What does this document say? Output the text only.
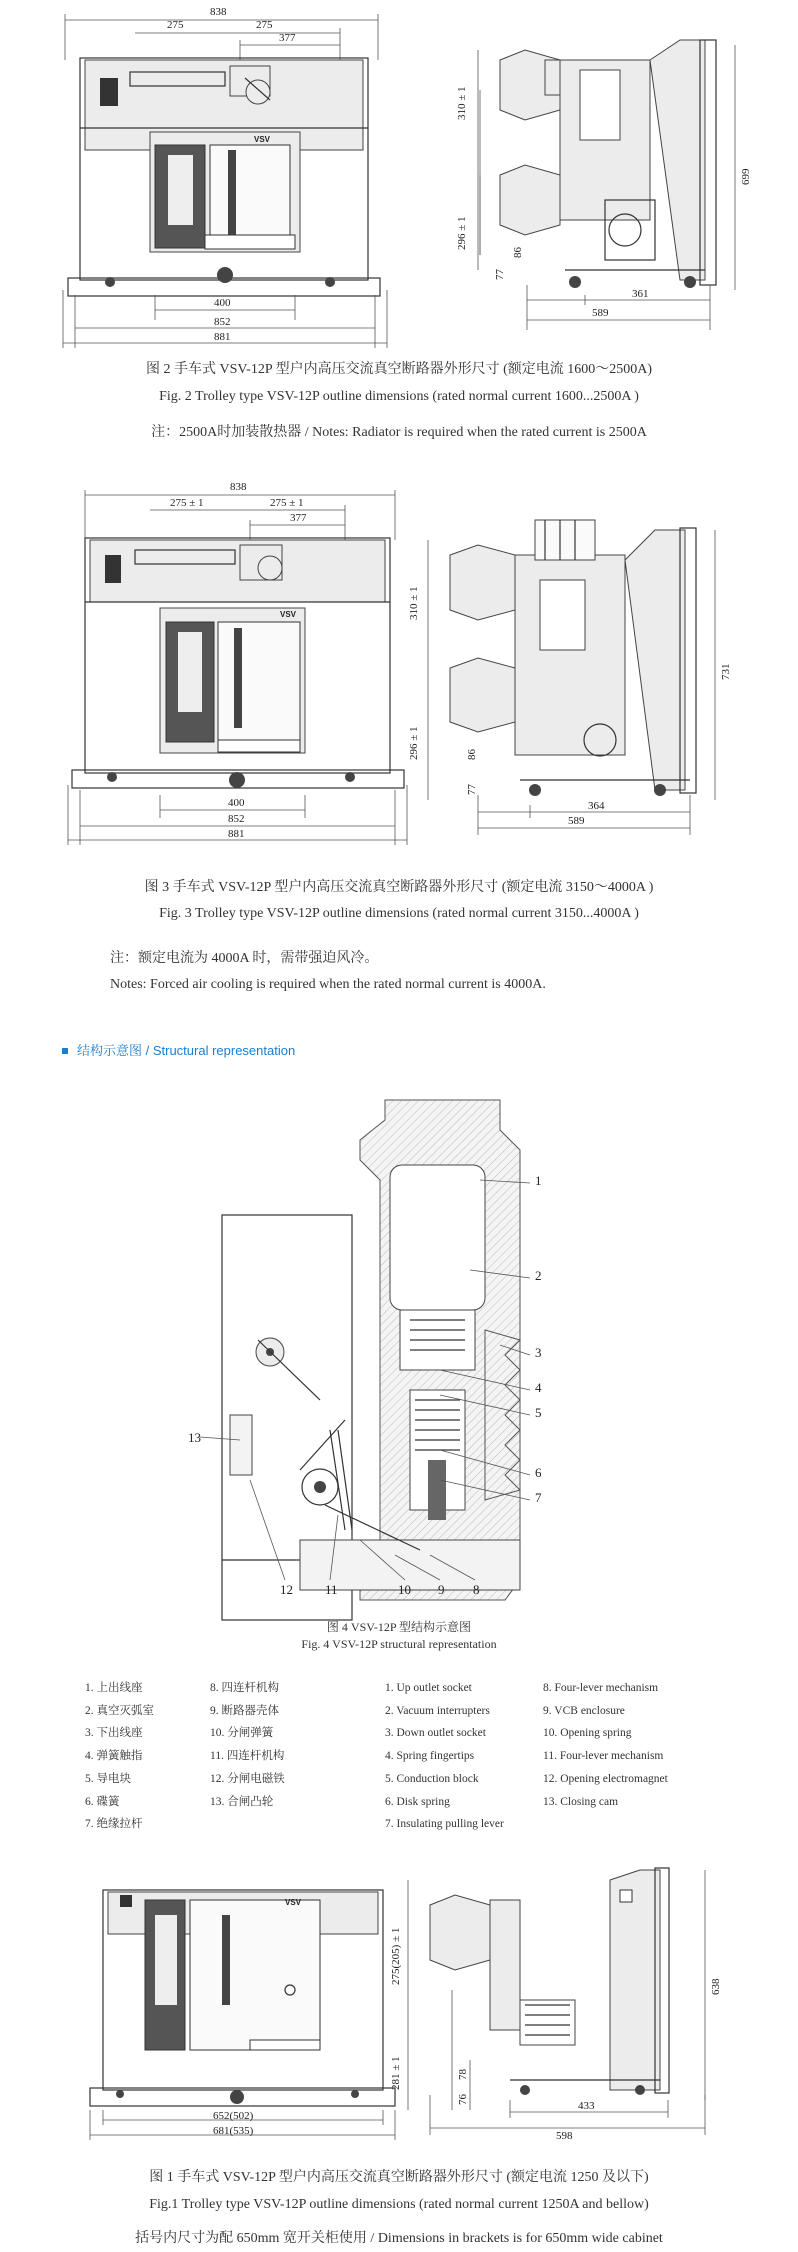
838
275	275
377
VSV
400
852
881
310 ± 1
296 ± 1
86
77
699
589
361
图 2 手车式 VSV-12P 型户内高压交流真空断路器外形尺寸 (额定电流 1600～2500A)
Fig. 2 Trolley type VSV-12P outline dimensions (rated normal current 1600...2500A )
注：2500A时加装散热器 / Notes: Radiator is required when the rated current is 2500A
838
275 ± 1	275 ± 1
377
VSV
400
852
881
310 ± 1
296 ± 1	86
77
731
589
364
图 3 手车式 VSV-12P 型户内高压交流真空断路器外形尺寸 (额定电流 3150～4000A )
Fig. 3 Trolley type VSV-12P outline dimensions (rated normal current 3150...4000A )
注：额定电流为 4000A 时，需带强迫风冷。
Notes: Forced air cooling is required when the rated normal current is 4000A.
结构示意图 / Structural representation
1
2
3
4
5
6
7
8
9
10
11
12
13
图 4 VSV-12P 型结构示意图
Fig. 4 VSV-12P structural representation
1. 上出线座
2. 真空灭弧室
3. 下出线座
4. 弹簧触指
5. 导电块
6. 碟簧
7. 绝缘拉杆
8. 四连杆机构
9. 断路器壳体
10. 分闸弹簧
11. 四连杆机构
12. 分闸电磁铁
13. 合闸凸轮
1. Up outlet socket
2. Vacuum interrupters
3. Down outlet socket
4. Spring fingertips
5. Conduction block
6. Disk spring
7. Insulating pulling lever
8. Four-lever mechanism
9. VCB enclosure
10. Opening spring
11. Four-lever mechanism
12. Opening electromagnet
13. Closing cam
VSV
275(205) ± 1
281 ± 1	78
76
638
652(502)
681(535)
433
598
图 1 手车式 VSV-12P 型户内高压交流真空断路器外形尺寸 (额定电流 1250 及以下)
Fig.1 Trolley type VSV-12P outline dimensions (rated normal current 1250A and bellow)
括号内尺寸为配 650mm 宽开关柜使用 / Dimensions in brackets is for 650mm wide cabinet
